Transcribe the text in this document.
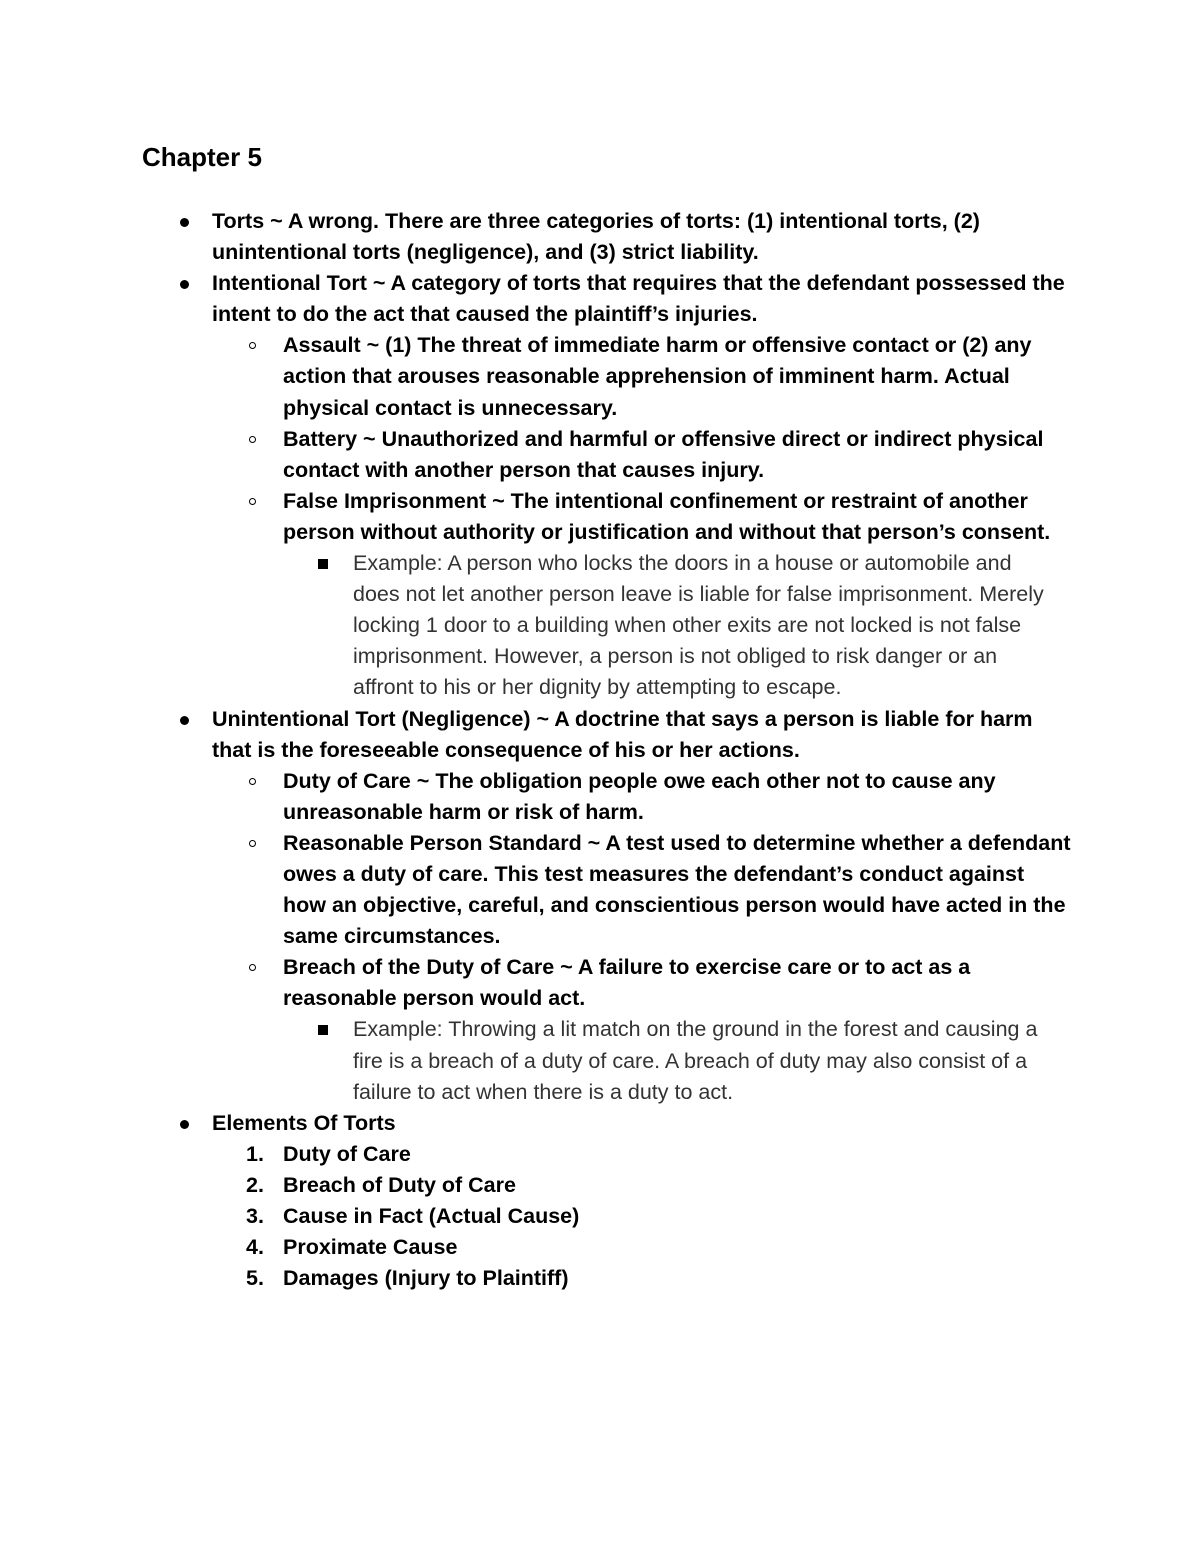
Chapter 5

Torts ~ A wrong. There are three categories of torts: (1) intentional torts, (2) unintentional torts (negligence), and (3) strict liability.

Intentional Tort ~ A category of torts that requires that the defendant possessed the intent to do the act that caused the plaintiff’s injuries.

Assault ~ (1) The threat of immediate harm or offensive contact or (2) any action that arouses reasonable apprehension of imminent harm. Actual physical contact is unnecessary.

Battery ~ Unauthorized and harmful or offensive direct or indirect physical contact with another person that causes injury.

False Imprisonment ~ The intentional confinement or restraint of another person without authority or justification and without that person’s consent.

Example: A person who locks the doors in a house or automobile and does not let another person leave is liable for false imprisonment. Merely locking 1 door to a building when other exits are not locked is not false imprisonment. However, a person is not obliged to risk danger or an affront to his or her dignity by attempting to escape.

Unintentional Tort (Negligence) ~ A doctrine that says a person is liable for harm that is the foreseeable consequence of his or her actions.

Duty of Care ~ The obligation people owe each other not to cause any unreasonable harm or risk of harm.

Reasonable Person Standard ~ A test used to determine whether a defendant owes a duty of care. This test measures the defendant’s conduct against how an objective, careful, and conscientious person would have acted in the same circumstances.

Breach of the Duty of Care ~ A failure to exercise care or to act as a reasonable person would act.

Example: Throwing a lit match on the ground in the forest and causing a fire is a breach of a duty of care. A breach of duty may also consist of a failure to act when there is a duty to act.

Elements Of Torts

1. Duty of Care

2. Breach of Duty of Care

3. Cause in Fact (Actual Cause)

4. Proximate Cause

5. Damages (Injury to Plaintiff)
